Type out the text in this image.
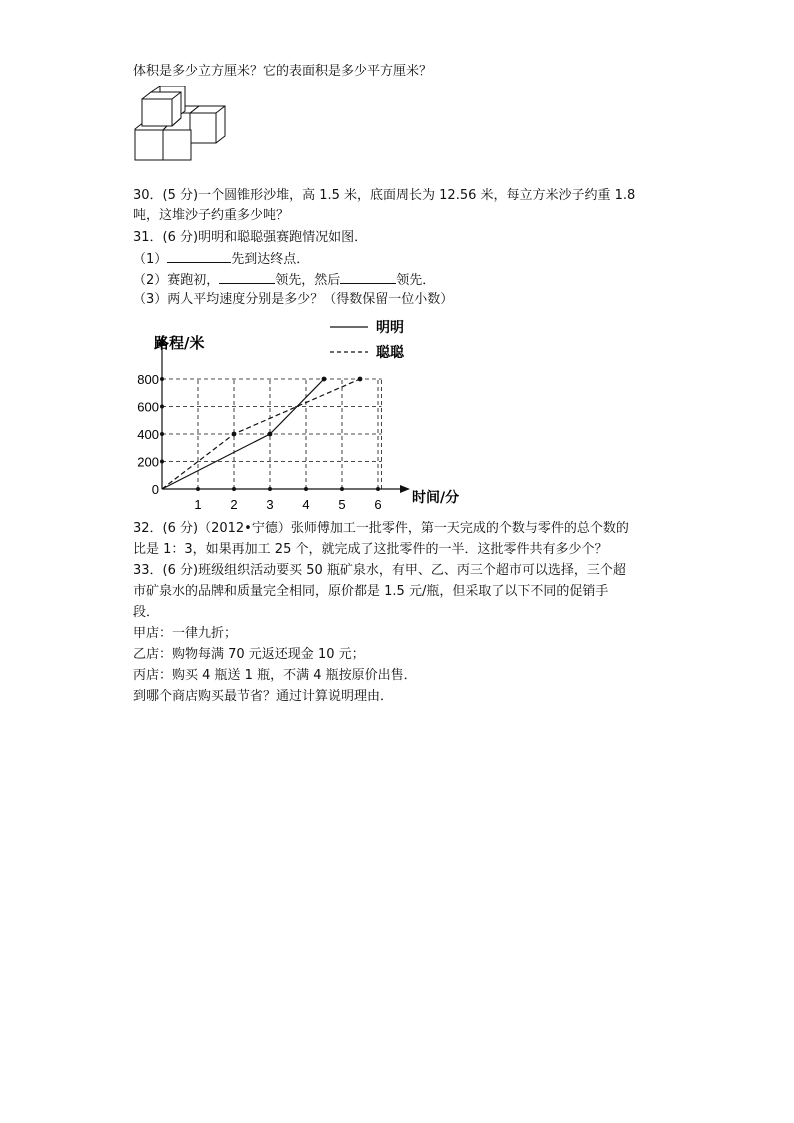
体积是多少立方厘米？它的表面积是多少平方厘米？
30．(5 分)一个圆锥形沙堆，高 1.5 米，底面周长为 12.56 米，每立方米沙子约重 1.8
吨，这堆沙子约重多少吨？
31．(6 分)明明和聪聪强赛跑情况如图．
（1）	先到达终点．
（2）赛跑初，	领先，然后	领先．
（3）两人平均速度分别是多少？（得数保留一位小数）
路程/米
时间/分
0
200
400
600
800
1 2 3 4 5 6
明明
聪聪
32．(6 分)（2012•宁德）张师傅加工一批零件，第一天完成的个数与零件的总个数的
比是 1：3，如果再加工 25 个，就完成了这批零件的一半．这批零件共有多少个？
33．(6 分)班级组织活动要买 50 瓶矿泉水，有甲、乙、丙三个超市可以选择，三个超
市矿泉水的品牌和质量完全相同，原价都是 1.5 元/瓶，但采取了以下不同的促销手
段．
甲店：一律九折；
乙店：购物每满 70 元返还现金 10 元；
丙店：购买 4 瓶送 1 瓶，不满 4 瓶按原价出售．
到哪个商店购买最节省？通过计算说明理由．
